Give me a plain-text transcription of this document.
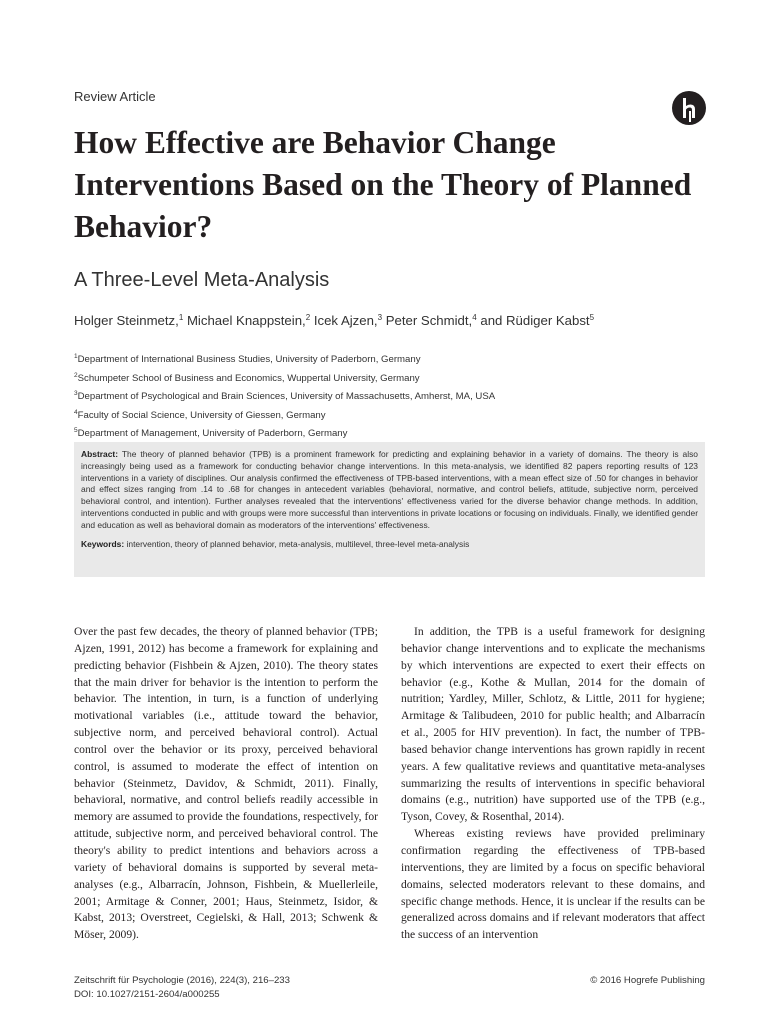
Review Article
How Effective are Behavior Change Interventions Based on the Theory of Planned Behavior?
A Three-Level Meta-Analysis
Holger Steinmetz,$^1$ Michael Knappstein,$^2$ Icek Ajzen,$^3$ Peter Schmidt,$^4$ and Rüdiger Kabst$^5$
$^1$Department of International Business Studies, University of Paderborn, Germany
$^2$Schumpeter School of Business and Economics, Wuppertal University, Germany
$^3$Department of Psychological and Brain Sciences, University of Massachusetts, Amherst, MA, USA
$^4$Faculty of Social Science, University of Giessen, Germany
$^5$Department of Management, University of Paderborn, Germany

Abstract: The theory of planned behavior (TPB) is a prominent framework for predicting and explaining behavior in a variety of domains. The theory is also increasingly being used as a framework for conducting behavior change interventions. In this meta-analysis, we identified 82 papers reporting results of 123 interventions in a variety of disciplines. Our analysis confirmed the effectiveness of TPB-based interventions, with a mean effect size of .50 for changes in behavior and effect sizes ranging from .14 to .68 for changes in antecedent variables (behavioral, normative, and control beliefs, attitude, subjective norm, perceived behavioral control, and intention). Further analyses revealed that the interventions' effectiveness varied for the diverse behavior change methods. In addition, interventions conducted in public and with groups were more successful than interventions in private locations or focusing on individuals. Finally, we identified gender and education as well as behavioral domain as moderators of the interventions' effectiveness.

Keywords: intervention, theory of planned behavior, meta-analysis, multilevel, three-level meta-analysis

Over the past few decades, the theory of planned behavior (TPB; Ajzen, 1991, 2012) has become a framework for explaining and predicting behavior (Fishbein & Ajzen, 2010). The theory states that the main driver for behavior is the intention to perform the behavior. The intention, in turn, is a function of underlying motivational variables (i.e., attitude toward the behavior, subjective norm, and perceived behavioral control). Actual control over the behavior or its proxy, perceived behavioral control, is assumed to moderate the effect of intention on behavior (Steinmetz, Davidov, & Schmidt, 2011). Finally, behavioral, normative, and control beliefs readily accessible in memory are assumed to provide the foundations, respectively, for attitude, subjective norm, and perceived behavioral control. The theory's ability to predict intentions and behaviors across a variety of behavioral domains is supported by several meta-analyses (e.g., Albarracín, Johnson, Fishbein, & Muellerleile, 2001; Armitage & Conner, 2001; Haus, Steinmetz, Isidor, & Kabst, 2013; Overstreet, Cegielski, & Hall, 2013; Schwenk & Möser, 2009).

In addition, the TPB is a useful framework for designing behavior change interventions and to explicate the mechanisms by which interventions are expected to exert their effects on behavior (e.g., Kothe & Mullan, 2014 for the domain of nutrition; Yardley, Miller, Schlotz, & Little, 2011 for hygiene; Armitage & Talibudeen, 2010 for public health; and Albarracín et al., 2005 for HIV prevention). In fact, the number of TPB-based behavior change interventions has grown rapidly in recent years. A few qualitative reviews and quantitative meta-analyses summarizing the results of interventions in specific behavioral domains (e.g., nutrition) have supported use of the TPB (e.g., Tyson, Covey, & Rosenthal, 2014).

Whereas existing reviews have provided preliminary confirmation regarding the effectiveness of TPB-based interventions, they are limited by a focus on specific behavioral domains, selected moderators relevant to these domains, and specific change methods. Hence, it is unclear if the results can be generalized across domains and if relevant moderators that affect the success of an intervention

Zeitschrift für Psychologie (2016), 224(3), 216–233
DOI: 10.1027/2151-2604/a000255
© 2016 Hogrefe Publishing
